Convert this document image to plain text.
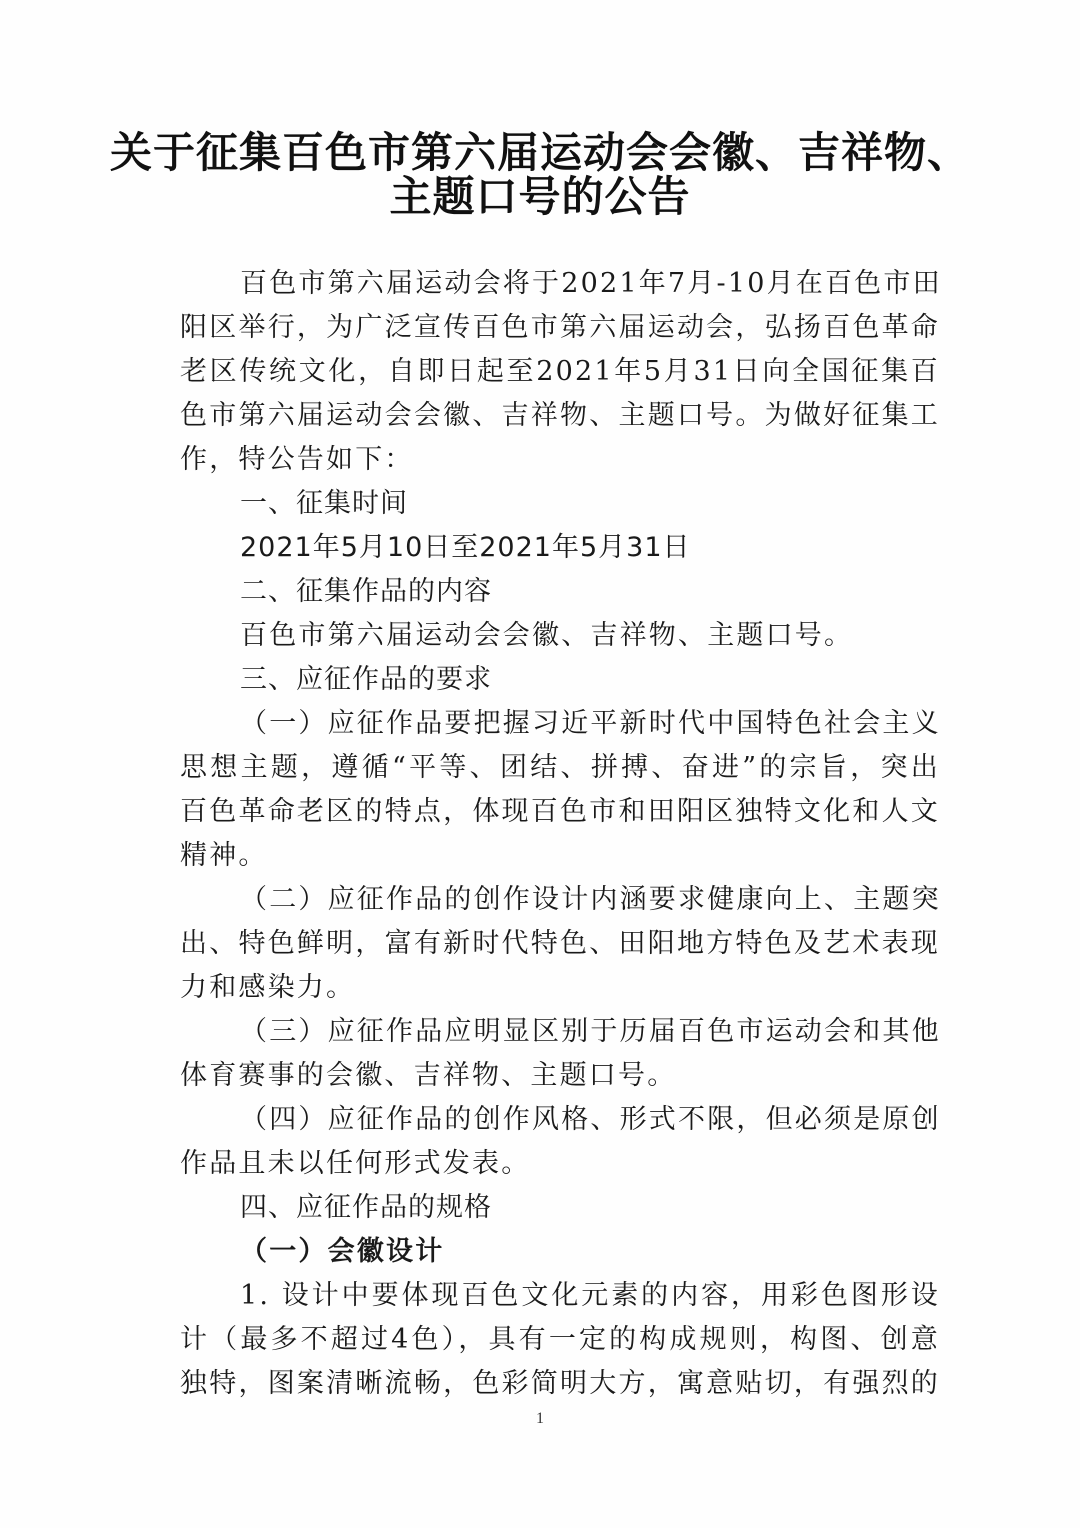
关于征集百色市第六届运动会会徽、吉祥物、
主题口号的公告
百色市第六届运动会将于2021年7月-10月在百色市田
阳区举行，为广泛宣传百色市第六届运动会，弘扬百色革命
老区传统文化，自即日起至2021年5月31日向全国征集百
色市第六届运动会会徽、吉祥物、主题口号。为做好征集工
作，特公告如下：
一、征集时间
2021年5月10日至2021年5月31日
二、征集作品的内容
百色市第六届运动会会徽、吉祥物、主题口号。
三、应征作品的要求
（一）应征作品要把握习近平新时代中国特色社会主义
思想主题，遵循“平等、团结、拼搏、奋进”的宗旨，突出
百色革命老区的特点，体现百色市和田阳区独特文化和人文
精神。
（二）应征作品的创作设计内涵要求健康向上、主题突
出、特色鲜明，富有新时代特色、田阳地方特色及艺术表现
力和感染力。
（三）应征作品应明显区别于历届百色市运动会和其他
体育赛事的会徽、吉祥物、主题口号。
（四）应征作品的创作风格、形式不限，但必须是原创
作品且未以任何形式发表。
四、应征作品的规格
（一）会徽设计
1. 设计中要体现百色文化元素的内容，用彩色图形设
计（最多不超过4色），具有一定的构成规则，构图、创意
独特，图案清晰流畅，色彩简明大方，寓意贴切，有强烈的
1
